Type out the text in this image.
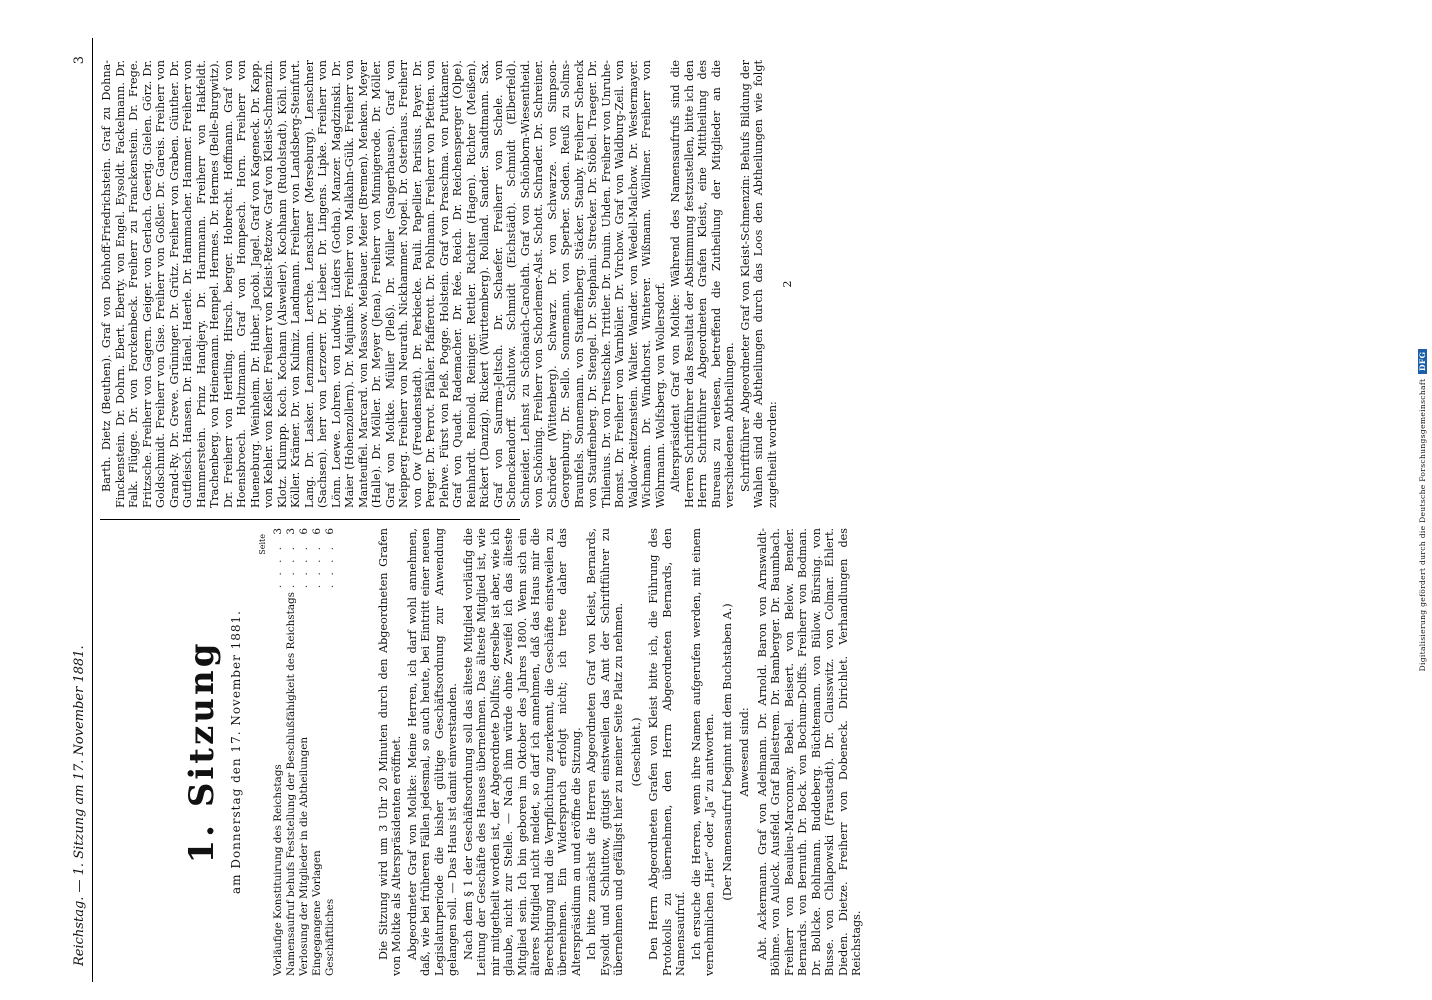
Reichstag. — 1. Sitzung am 17. November 1881.
3
1. Sitzung am Donnerstag den 17. November 1881.
Seite
Vorläufige Konstituirung des Reichstags
. . . .
3
Namensaufruf behufs Feststellung der Beschlußfähigkeit des Reichstags
. . . .
3
Verlosung der Mitglieder in die Abtheilungen
. . . .
6
Eingegangene Vorlagen
. . . .
6
Geschäftliches
. . . .
6	Die Sitzung wird um 3 Uhr 20 Minuten durch den Abgeordneten Grafen von Moltke als Alterspräsidenten eröffnet. Abgeordneter Graf von Moltke: Meine Herren, ich darf wohl annehmen, daß, wie bei früheren Fällen jedesmal, so auch heute, bei Eintritt einer neuen Legislaturperiode die bisher gültige Geschäftsordnung zur Anwendung gelangen soll. — Das Haus ist damit einverstanden. Nach dem § 1 der Geschäftsordnung soll das älteste Mitglied vorläufig die Leitung der Geschäfte des Hauses übernehmen. Das älteste Mitglied ist, wie mir mitgetheilt worden ist, der Abgeordnete Dollfus; derselbe ist aber, wie ich glaube, nicht zur Stelle. — Nach ihm würde ohne Zweifel ich das älteste Mitglied sein. Ich bin geboren im Oktober des Jahres 1800. Wenn sich ein älteres Mitglied nicht meldet, so darf ich annehmen, daß das Haus mir die Berechtigung und die Verpflichtung zuerkennt, die Geschäfte einstweilen zu übernehmen. Ein Widerspruch erfolgt nicht; ich trete daher das Alterspräsidium an und eröffne die Sitzung. Ich bitte zunächst die Herren Abgeordneten Graf von Kleist, Bernards, Eysoldt und Schluttow, gütigst einstweilen das Amt der Schriftführer zu übernehmen und gefälligst hier zu meiner Seite Platz zu nehmen. (Geschieht.) Den Herrn Abgeordneten Grafen von Kleist bitte ich, die Führung des Protokolls zu übernehmen, den Herrn Abgeordneten Bernards, den Namensaufruf. Ich ersuche die Herren, wenn ihre Namen aufgerufen werden, mit einem vernehmlichen „Hier“ oder „Ja“ zu antworten. (Der Namensaufruf beginnt mit dem Buchstaben A.) Anwesend sind: Abt. Ackermann. Graf von Adelmann. Dr. Arnold. Baron von Arnswaldt-Böhme. von Aulock. Ausfeld. Graf Ballestrem. Dr. Bamberger. Dr. Baumbach. Freiherr von Beaulieu-Marconnay. Bebel. Beisert. von Below. Bender. Bernards. von Bernuth. Dr. Bock. von Bochum-Dolffs. Freiherr von Bodman. Dr. Bollcke. Bohlmann. Buddeberg. Büchtemann. von Bülow. Bürsing. von Busse. von Chlapowski (Fraustadt). Dr. Clausswitz. von Colmar. Ehlert. Dieden. Dietze. Freiherr von Dobeneck. Dirichlet. Verhandlungen des Reichstags.

Barth. Dietz (Beuthen). Graf von Dönhoff-Friedrichstein. Graf zu Dohna-Finckenstein. Dr. Dohrn. Ebert. Eberty. von Engel. Eysoldt. Fackelmann. Dr. Falk. Flügge. Dr. von Forckenbeck. Freiherr zu Franckenstein. Dr. Frege. Fritzsche. Freiherr von Gagern. Geiger. von Gerlach. Geerig. Gielen. Görz. Dr. Goldschmidt. Freiherr von Gise. Freiherr von Goßler. Dr. Gareis. Freiherr von Grand-Ry. Dr. Greve. Grüninger. Dr. Grütz. Freiherr von Graben. Günther. Dr. Gutfleisch. Hansen. Dr. Hänel. Haerle. Dr. Hammacher. Hammer. Freiherr von Hammerstein. Prinz Handjery. Dr. Harnmann. Freiherr von Hakfeldt. Trachenberg. von Heinemann. Hempel. Hermes. Dr. Hermes (Belle-Burgwitz). Dr. Freiherr von Hertling. Hirsch. berger. Hobrecht. Hoffmann. Graf von Hoensbroech. Holtzmann. Graf von Hompesch. Horn. Freiherr von Hueneburg. Weinheim. Dr. Huber. Jacobi. Jagel. Graf von Kageneck. Dr. Kapp. von Kehler. von Keßler. Freiherr von Kleist-Retzow. Graf von Kleist-Schmenzin. Klotz. Klumpp. Koch. Kochann (Alsweiler). Kochhann (Rudolstadt). Köhl. von Köller. Krämer. Dr. von Kulmiz. Landmann. Freiherr von Landsberg-Steinfurt. Lang. Dr. Lasker. Lenzmann. Lerche. Lenschner (Merseburg). Lenschner (Sachsen). herr von Lerzoerr. Dr. Lieber. Dr. Lingens. Lipke. Freiherr von Lönn. Loewe. Lohren. von Ludwig. Lüders (Gotha). Manzer. Magdzinski. Dr. Maier (Hohenzollern). Dr. Majunke. Freiherr von Malkahn-Gülk. Freiherr von Manteuffel. Marcard. von Massow. Meibauer. Meier (Bremen). Menken. Meyer (Halle). Dr. Möller. Dr. Meyer (Jena). Freiherr von Minnigerode. Dr. Möller. Graf von Moltke. Müller (Pleß). Dr. Müller (Sangerhausen). Graf von Neipperg. Freiherr von Neurath. Nickhammer. Nopel. Dr. Osterhaus. Freiherr von Ow (Freudenstadt). Dr. Perkiecke. Pauli. Papellier. Parisius. Payer. Dr. Perger. Dr. Perrot. Pfähler. Pfafferott. Dr. Pohlmann. Freiherr von Pfetten. von Plehwe. Fürst von Pleß. Pogge. Holstein. Graf von Praschma. von Puttkamer. Graf von Quadt. Rademacher. Dr. Rée. Reich. Dr. Reichensperger (Olpe). Reinhardt. Reinold. Reiniger. Rettler. Richter (Hagen). Richter (Meißen). Rickert (Danzig). Rickert (Württemberg). Rolland. Sander. Sandtmann. Sax. Graf von Saurma-Jeltsch. Dr. Schaefer. Freiherr von Schele. von Schenckendorff. Schlutow. Schmidt (Eichstädt). Schmidt (Elberfeld). Schneider. Lehnst zu Schönaich-Carolath. Graf von Schönborn-Wiesentheid. von Schöning. Freiherr von Schorlemer-Alst. Schott. Schrader. Dr. Schreiner. Schröder (Wittenberg). Schwarz. Dr. von Schwarze. von Simpson-Georgenburg. Dr. Sello. Sonnemann. von Sperber. Soden. Reuß zu Solms-Braunfels. Sonnemann. von Stauffenberg. Stäcker. Stauby. Freiherr Schenck von Stauffenberg. Dr. Stengel. Dr. Stephani. Strecker. Dr. Stöbel. Traeger. Dr. Thilenius. Dr. von Treitschke. Trittler. Dr. Dunin. Uhden. Freiherr von Unruhe-Bomst. Dr. Freiherr von Varnbüler. Dr. Virchow. Graf von Waldburg-Zeil. von Waldow-Reitzenstein. Walter. Wander. von Wedell-Malchow. Dr. Westermayer. Wichmann. Dr. Windthorst. Winterer. Wißmann. Wöllmer. Freiherr von Wöhrmann. Wolfsberg. von Wollersdorf. Alterspräsident Graf von Moltke: Während des Namensaufrufs sind die Herren Schriftführer das Resultat der Abstimmung festzustellen, bitte ich den Herrn Schriftführer Abgeordneten Grafen Kleist, eine Mittheilung des Bureaus zu verlesen, betreffend die Zutheilung der Mitglieder an die verschiedenen Abtheilungen. Schriftführer Abgeordneter Graf von Kleist-Schmenzin: Behufs Bildung der Wahlen sind die Abtheilungen durch das Loos den Abtheilungen wie folgt zugetheilt worden:

2

Digitalisierung gefördert durch die Deutsche Forschungsgemeinschaft DFG
